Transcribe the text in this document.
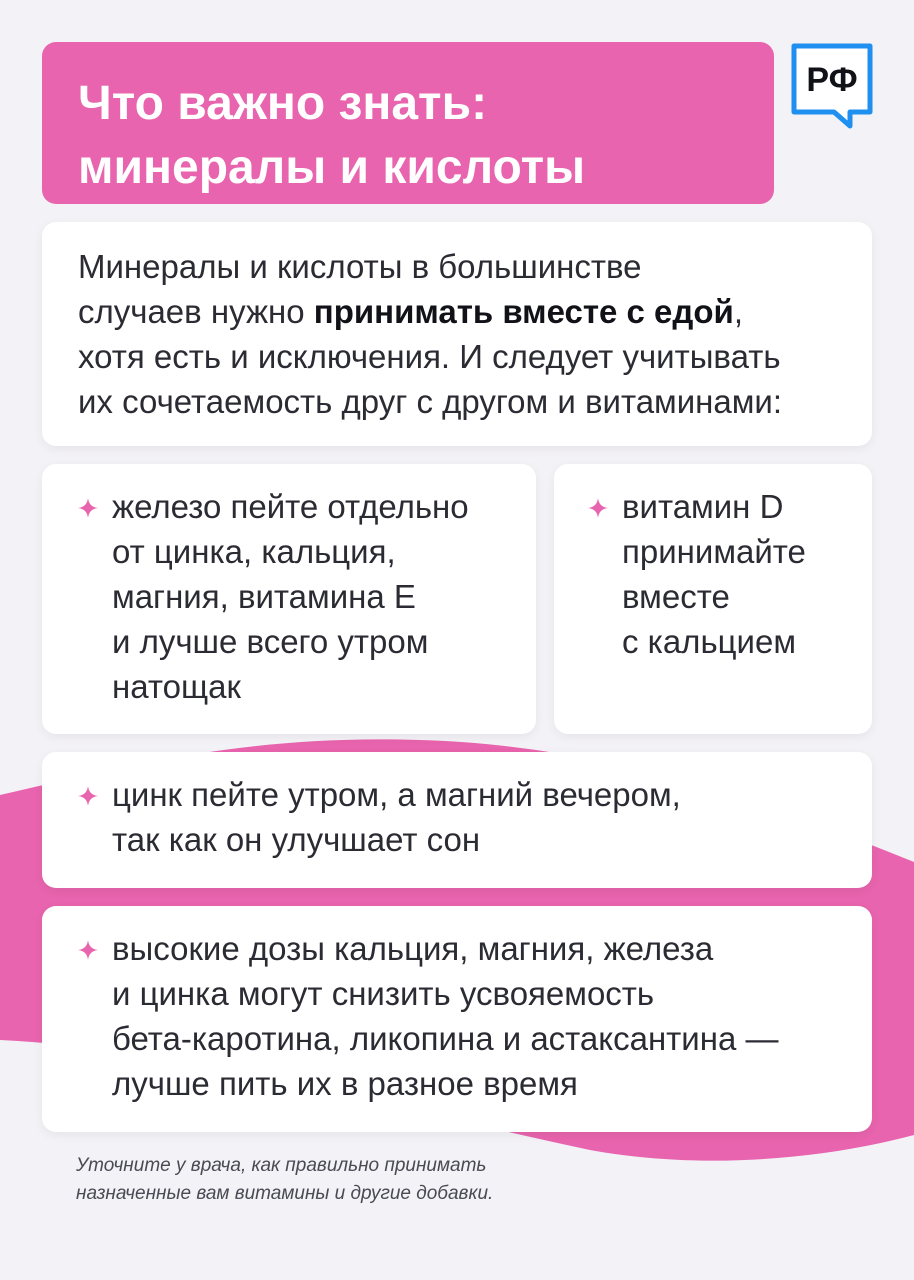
Что важно знать:
минералы и кислоты
РФ

Минералы и кислоты в большинстве
случаев нужно принимать вместе с едой,
хотя есть и исключения. И следует учитывать
их сочетаемость друг с другом и витаминами:

железо пейте отдельно
от цинка, кальция,
магния, витамина Е
и лучше всего утром
натощак

витамин D
принимайте
вместе
с кальцием

цинк пейте утром, а магний вечером,
так как он улучшает сон

высокие дозы кальция, магния, железа
и цинка могут снизить усвояемость
бета-каротина, ликопина и астаксантина —
лучше пить их в разное время

Уточните у врача, как правильно принимать
назначенные вам витамины и другие добавки.
